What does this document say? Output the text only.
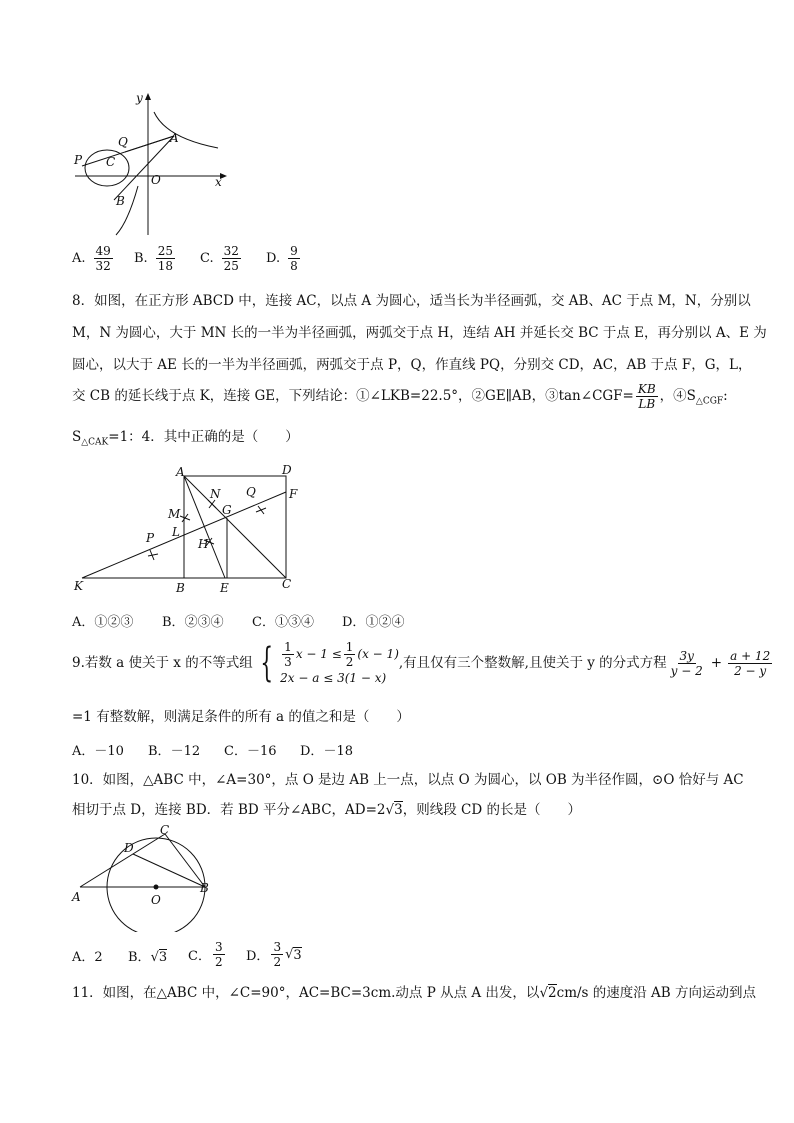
y
x
A
Q
P C
O
B
A. $\frac{49}{32} B$. $\frac{25}{18} C$. $\frac{32}{25} D$. $\frac{9}{8}$
8．如图，在正方形 ABCD 中，连接 AC，以点 A 为圆心，适当长为半径画弧，交 AB、AC 于点 M，N，分别以
M，N 为圆心，大于 MN 长的一半为半径画弧，两弧交于点 H，连结 AH 并延长交 BC 于点 E，再分别以 A、E 为
圆心，以大于 AE 长的一半为半径画弧，两弧交于点 P，Q，作直线 PQ，分别交 CD，AC，AB 于点 F，G，L，
交 CB 的延长线于点 K，连接 GE，下列结论：①∠LKB=22.5°，②GE∥AB，③tan∠CGF= $\frac{KB}{LB}$ ，$④S_{\triangle CGF}$:
$S_{\triangle CAK}=1$：4．其中正确的是（　　）
A	D
F
N Q
M	G
L
P	H
K	B	E	C
A．①②③ B．②③④ C．①③④ D．①②④
9.若数 a 使关于 x 的不等式组 { $\frac{1}{3}$ $x - 1 \le \frac{1}{2} (x - 1)$
2x − a ≤ 3(1 − x)
,有且仅有三个整数解,且使关于 y 的分式方程 $\frac{3y}{y - 2} + \frac{a + 12}{2 - y}$
=1 有整数解，则满足条件的所有 a 的值之和是（　　）
A．－10 B．－12 C．－16 D．－18
10．如图，△ABC 中，∠A=30°，点 O 是边 AB 上一点，以点 O 为圆心，以 OB 为半径作圆，⊙O 恰好与 AC
相切于点 D，连接 BD．若 BD 平分∠ABC，AD=2√3，则线段 CD 的长是（　　）
C
D
A	O
B
A．2 B．√3 C． $\frac{3}{2}$ D． $\frac{3}{2}$ √ 3
11．如图，在△ABC 中，∠C=90°，AC=BC=3cm.动点 P 从点 A 出发，以√2cm/s 的速度沿 AB 方向运动到点
